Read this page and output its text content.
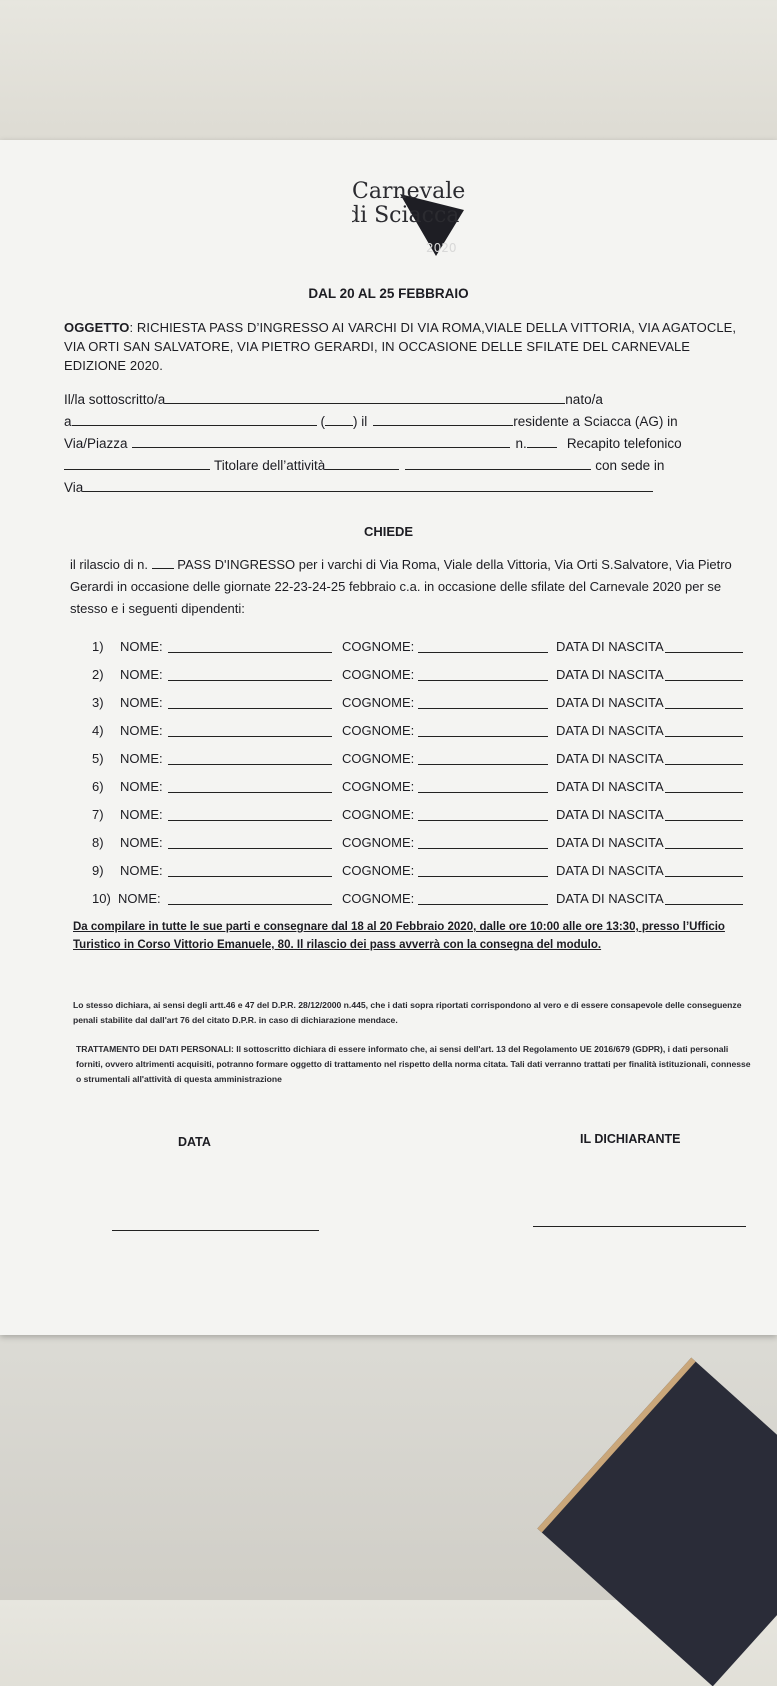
Carnevale
di Sciacca
2020
DAL 20 AL 25 FEBBRAIO
OGGETTO: RICHIESTA PASS D’INGRESSO AI VARCHI DI VIA ROMA,VIALE DELLA VITTORIA, VIA AGATOCLE, VIA ORTI SAN SALVATORE, VIA PIETRO GERARDI, IN OCCASIONE DELLE SFILATE DEL CARNEVALE EDIZIONE 2020.
Il/la sottoscritto/a	nato/a
a	( ) il	residente a Sciacca (AG) in
Via/Piazza	n.	Recapito telefonico
Titolare dell’attività	con sede in
Via
CHIEDE
il rilascio di n. PASS D'INGRESSO per i varchi di Via Roma, Viale della Vittoria, Via Orti S.Salvatore, Via Pietro Gerardi in occasione delle giornate 22-23-24-25 febbraio c.a. in occasione delle sfilate del Carnevale 2020 per se stesso e i seguenti dipendenti:
1) NOME:	COGNOME:	DATA DI NASCITA
2) NOME:	COGNOME:	DATA DI NASCITA
3) NOME:	COGNOME:	DATA DI NASCITA
4) NOME:	COGNOME:	DATA DI NASCITA
5) NOME:	COGNOME:	DATA DI NASCITA
6) NOME:	COGNOME:	DATA DI NASCITA
7) NOME:	COGNOME:	DATA DI NASCITA
8) NOME:	COGNOME:	DATA DI NASCITA
9) NOME:	COGNOME:	DATA DI NASCITA
10) NOME:	COGNOME:	DATA DI NASCITA
Da compilare in tutte le sue parti e consegnare dal 18 al 20 Febbraio 2020, dalle ore 10:00 alle ore 13:30, presso l’Ufficio Turistico in Corso Vittorio Emanuele, 80. Il rilascio dei pass avverrà con la consegna del modulo.
Lo stesso dichiara, ai sensi degli artt.46 e 47 del D.P.R. 28/12/2000 n.445, che i dati sopra riportati corrispondono al vero e di essere consapevole delle conseguenze penali stabilite dal dall'art 76 del citato D.P.R. in caso di dichiarazione mendace.
TRATTAMENTO DEI DATI PERSONALI: Il sottoscritto dichiara di essere informato che, ai sensi dell'art. 13 del Regolamento UE 2016/679 (GDPR), i dati personali forniti, ovvero altrimenti acquisiti, potranno formare oggetto di trattamento nel rispetto della norma citata. Tali dati verranno trattati per finalità istituzionali, connesse o strumentali all'attività di questa amministrazione
DATA	IL DICHIARANTE
